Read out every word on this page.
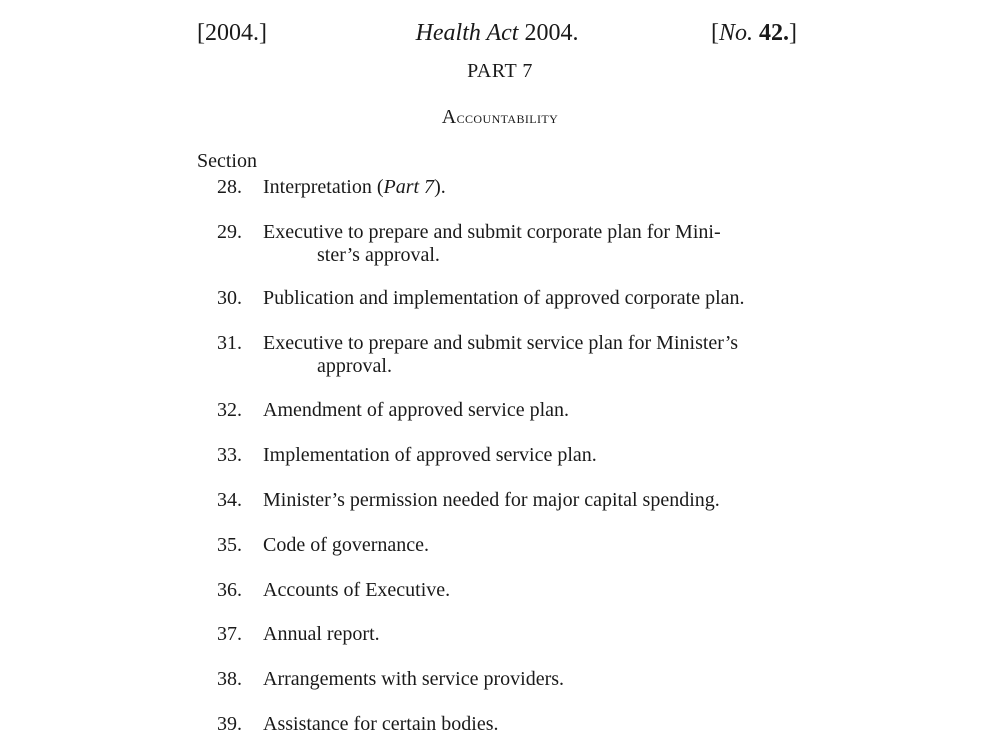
[2004.]	Health Act 2004.	[No. 42.]
PART 7
Accountability
Section
28.	Interpretation (Part 7).
29.	Executive to prepare and submit corporate plan for Mini-
ster’s approval.
30.	Publication and implementation of approved corporate plan.
31.	Executive to prepare and submit service plan for Minister’s
approval.
32.	Amendment of approved service plan.
33.	Implementation of approved service plan.
34.	Minister’s permission needed for major capital spending.
35.	Code of governance.
36.	Accounts of Executive.
37.	Annual report.
38.	Arrangements with service providers.
39.	Assistance for certain bodies.
